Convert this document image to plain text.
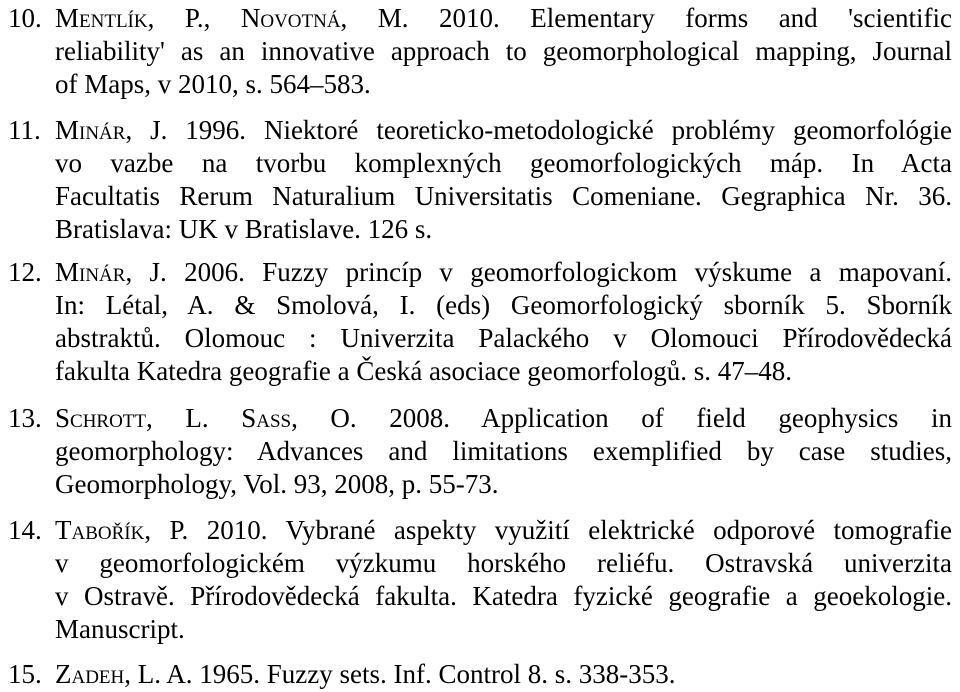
10. Mentlík, P., Novotná, M. 2010. Elementary forms and 'scientific
reliability' as an innovative approach to geomorphological mapping, Journal
of Maps, v 2010, s. 564–583.
11. Minár, J. 1996. Niektoré teoreticko-metodologické problémy geomorfológie
vo vazbe na tvorbu komplexných geomorfologických máp. In Acta
Facultatis Rerum Naturalium Universitatis Comeniane. Gegraphica Nr. 36.
Bratislava: UK v Bratislave. 126 s.
12. Minár, J. 2006. Fuzzy princíp v geomorfologickom výskume a mapovaní.
In: Létal, A. & Smolová, I. (eds) Geomorfologický sborník 5. Sborník
abstraktů. Olomouc : Univerzita Palackého v Olomouci Přírodovědecká
fakulta Katedra geografie a Česká asociace geomorfologů. s. 47–48.
13. Schrott, L. Sass, O. 2008. Application of field geophysics in
geomorphology: Advances and limitations exemplified by case studies,
Geomorphology, Vol. 93, 2008, p. 55-73.
14. Tabořík, P. 2010. Vybrané aspekty využití elektrické odporové tomografie
v geomorfologickém výzkumu horského reliéfu. Ostravská univerzita
v Ostravě. Přírodovědecká fakulta. Katedra fyzické geografie a geoekologie.
Manuscript.
15. Zadeh, L. A. 1965. Fuzzy sets. Inf. Control 8. s. 338-353.
